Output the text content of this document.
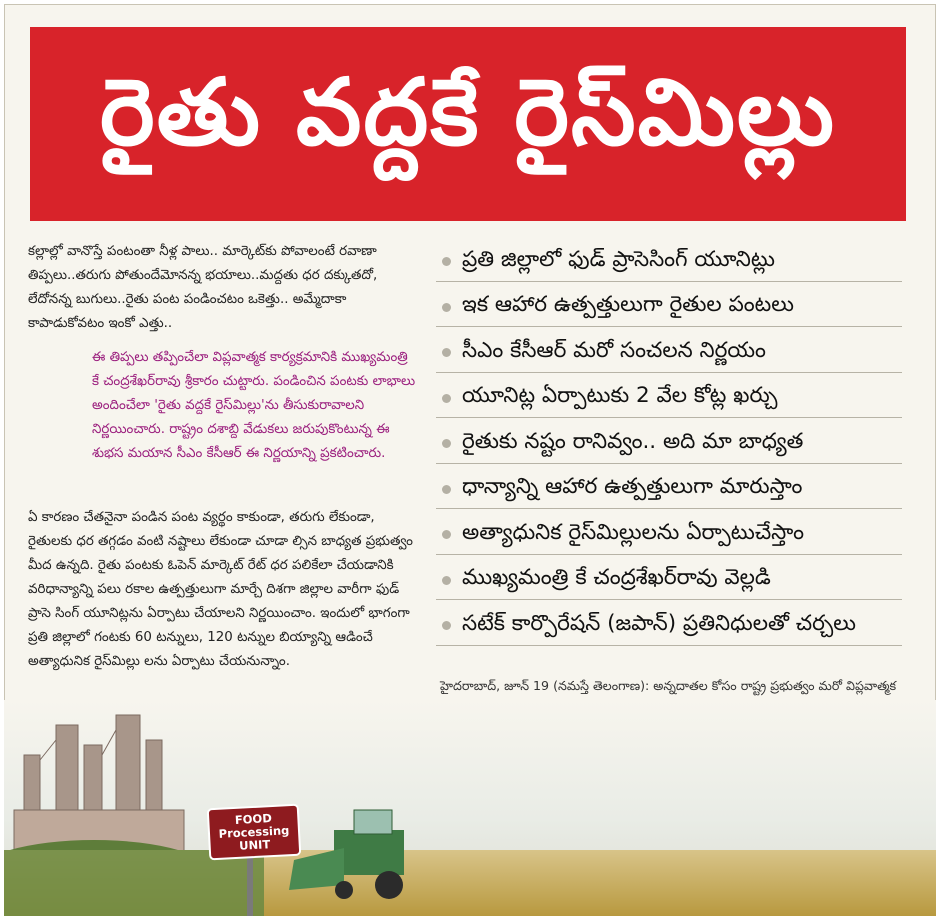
రైతు వద్దకే రైస్‌మిల్లు
కల్లాల్లో వానొస్తే పంటంతా నీళ్ల పాలు.. మార్కెట్‌కు పోవాలంటే రవాణా తిప్పలు..తరుగు పోతుందేమోనన్న భయాలు..మద్దతు ధర దక్కుతదో, లేదోనన్న బుగులు..రైతు పంట పండించటం ఒకెత్తు.. అమ్మేదాకా కాపాడుకోవటం ఇంకో ఎత్తు..
ఈ తిప్పలు తప్పించేలా విప్లవాత్మక కార్యక్రమానికి ముఖ్యమంత్రి కే చంద్రశేఖర్‌రావు శ్రీకారం చుట్టారు. పండించిన పంటకు లాభాలు అందించేలా 'రైతు వద్దకే రైస్‌మిల్లు'ను తీసుకురావాలని నిర్ణయించారు. రాష్ట్రం దశాబ్ది వేడుకలు జరుపుకొంటున్న ఈ శుభస మయాన సీఎం కేసీఆర్‌ ఈ నిర్ణయాన్ని ప్రకటించారు.
ఏ కారణం చేతనైనా పండిన పంట వ్యర్థం కాకుండా, తరుగు లేకుండా, రైతులకు ధర తగ్గడం వంటి నష్టాలు లేకుండా చూడా ల్సిన బాధ్యత ప్రభుత్వం మీద ఉన్నది. రైతు పంటకు ఓపెన్‌ మార్కెట్‌ రేట్‌ ధర పలికేలా చేయడానికి వరిధాన్యాన్ని పలు రకాల ఉత్పత్తులుగా మార్చే దిశగా జిల్లాల వారీగా ఫుడ్‌ ప్రాసె సింగ్‌ యూనిట్లను ఏర్పాటు చేయాలని నిర్ణయించాం. ఇందులో భాగంగా ప్రతి జిల్లాలో గంటకు 60 టన్నులు, 120 టన్నుల బియ్యాన్ని ఆడించే అత్యాధునిక రైస్‌మిల్లు లను ఏర్పాటు చేయనున్నాం.
ప్రతి జిల్లాలో ఫుడ్‌ ప్రాసెసింగ్‌ యూనిట్లు
ఇక ఆహార ఉత్పత్తులుగా రైతుల పంటలు
సీఎం కేసీఆర్‌ మరో సంచలన నిర్ణయం
యూనిట్ల ఏర్పాటుకు 2 వేల కోట్ల ఖర్చు
రైతుకు నష్టం రానివ్వం.. అది మా బాధ్యత
ధాన్యాన్ని ఆహార ఉత్పత్తులుగా మారుస్తాం
అత్యాధునిక రైస్‌మిల్లులను ఏర్పాటుచేస్తాం
ముఖ్యమంత్రి కే చంద్రశేఖర్‌రావు వెల్లడి
సటేక్‌ కార్పొరేషన్‌ (జపాన్‌) ప్రతినిధులతో చర్చలు
హైదరాబాద్‌, జూన్‌ 19 (నమస్తే తెలంగాణ): అన్నదాతల కోసం రాష్ట్ర ప్రభుత్వం మరో విప్లవాత్మక
FOOD
Processing
UNIT
